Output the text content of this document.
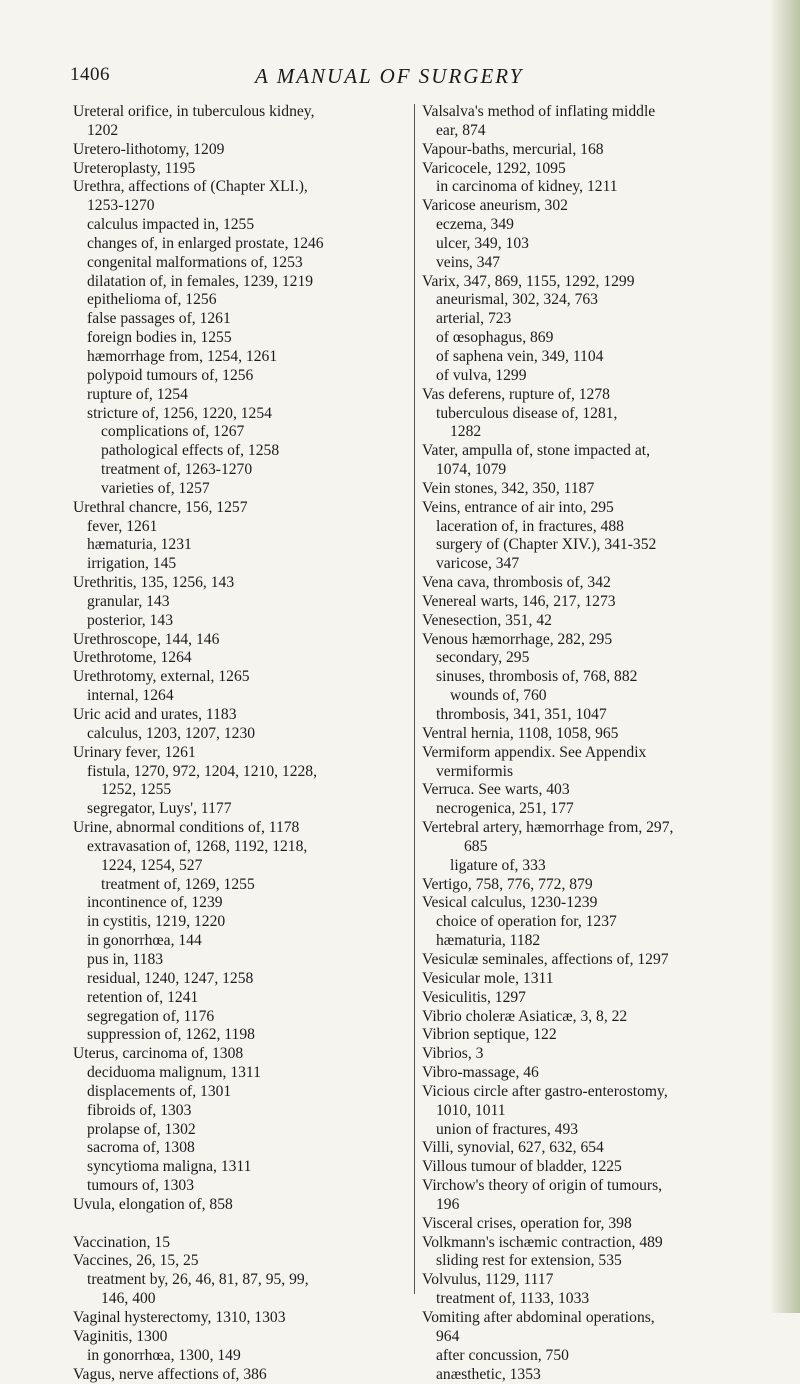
1406	A MANUAL OF SURGERY
Ureteral orifice, in tuberculous kidney,
1202
Uretero-lithotomy, 1209
Ureteroplasty, 1195
Urethra, affections of (Chapter XLI.),
1253-1270
calculus impacted in, 1255
changes of, in enlarged prostate, 1246
congenital malformations of, 1253
dilatation of, in females, 1239, 1219
epithelioma of, 1256
false passages of, 1261
foreign bodies in, 1255
hæmorrhage from, 1254, 1261
polypoid tumours of, 1256
rupture of, 1254
stricture of, 1256, 1220, 1254
complications of, 1267
pathological effects of, 1258
treatment of, 1263-1270
varieties of, 1257
Urethral chancre, 156, 1257
fever, 1261
hæmaturia, 1231
irrigation, 145
Urethritis, 135, 1256, 143
granular, 143
posterior, 143
Urethroscope, 144, 146
Urethrotome, 1264
Urethrotomy, external, 1265
internal, 1264
Uric acid and urates, 1183
calculus, 1203, 1207, 1230
Urinary fever, 1261
fistula, 1270, 972, 1204, 1210, 1228,
1252, 1255
segregator, Luys', 1177
Urine, abnormal conditions of, 1178
extravasation of, 1268, 1192, 1218,
1224, 1254, 527
treatment of, 1269, 1255
incontinence of, 1239
in cystitis, 1219, 1220
in gonorrhœa, 144
pus in, 1183
residual, 1240, 1247, 1258
retention of, 1241
segregation of, 1176
suppression of, 1262, 1198
Uterus, carcinoma of, 1308
deciduoma malignum, 1311
displacements of, 1301
fibroids of, 1303
prolapse of, 1302
sacroma of, 1308
syncytioma maligna, 1311
tumours of, 1303
Uvula, elongation of, 858
Vaccination, 15
Vaccines, 26, 15, 25
treatment by, 26, 46, 81, 87, 95, 99,
146, 400
Vaginal hysterectomy, 1310, 1303
Vaginitis, 1300
in gonorrhœa, 1300, 149
Vagus, nerve affections of, 386
Valsalva's method of inflating middle
ear, 874
Vapour-baths, mercurial, 168
Varicocele, 1292, 1095
in carcinoma of kidney, 1211
Varicose aneurism, 302
eczema, 349
ulcer, 349, 103
veins, 347
Varix, 347, 869, 1155, 1292, 1299
aneurismal, 302, 324, 763
arterial, 723
of œsophagus, 869
of saphena vein, 349, 1104
of vulva, 1299
Vas deferens, rupture of, 1278
tuberculous disease of, 1281,
1282
Vater, ampulla of, stone impacted at,
1074, 1079
Vein stones, 342, 350, 1187
Veins, entrance of air into, 295
laceration of, in fractures, 488
surgery of (Chapter XIV.), 341-352
varicose, 347
Vena cava, thrombosis of, 342
Venereal warts, 146, 217, 1273
Venesection, 351, 42
Venous hæmorrhage, 282, 295
secondary, 295
sinuses, thrombosis of, 768, 882
wounds of, 760
thrombosis, 341, 351, 1047
Ventral hernia, 1108, 1058, 965
Vermiform appendix. See Appendix
vermiformis
Verruca. See warts, 403
necrogenica, 251, 177
Vertebral artery, hæmorrhage from, 297,
685
ligature of, 333
Vertigo, 758, 776, 772, 879
Vesical calculus, 1230-1239
choice of operation for, 1237
hæmaturia, 1182
Vesiculæ seminales, affections of, 1297
Vesicular mole, 1311
Vesiculitis, 1297
Vibrio choleræ Asiaticæ, 3, 8, 22
Vibrion septique, 122
Vibrios, 3
Vibro-massage, 46
Vicious circle after gastro-enterostomy,
1010, 1011
union of fractures, 493
Villi, synovial, 627, 632, 654
Villous tumour of bladder, 1225
Virchow's theory of origin of tumours,
196
Visceral crises, operation for, 398
Volkmann's ischæmic contraction, 489
sliding rest for extension, 535
Volvulus, 1129, 1117
treatment of, 1133, 1033
Vomiting after abdominal operations,
964
after concussion, 750
anæsthetic, 1353
